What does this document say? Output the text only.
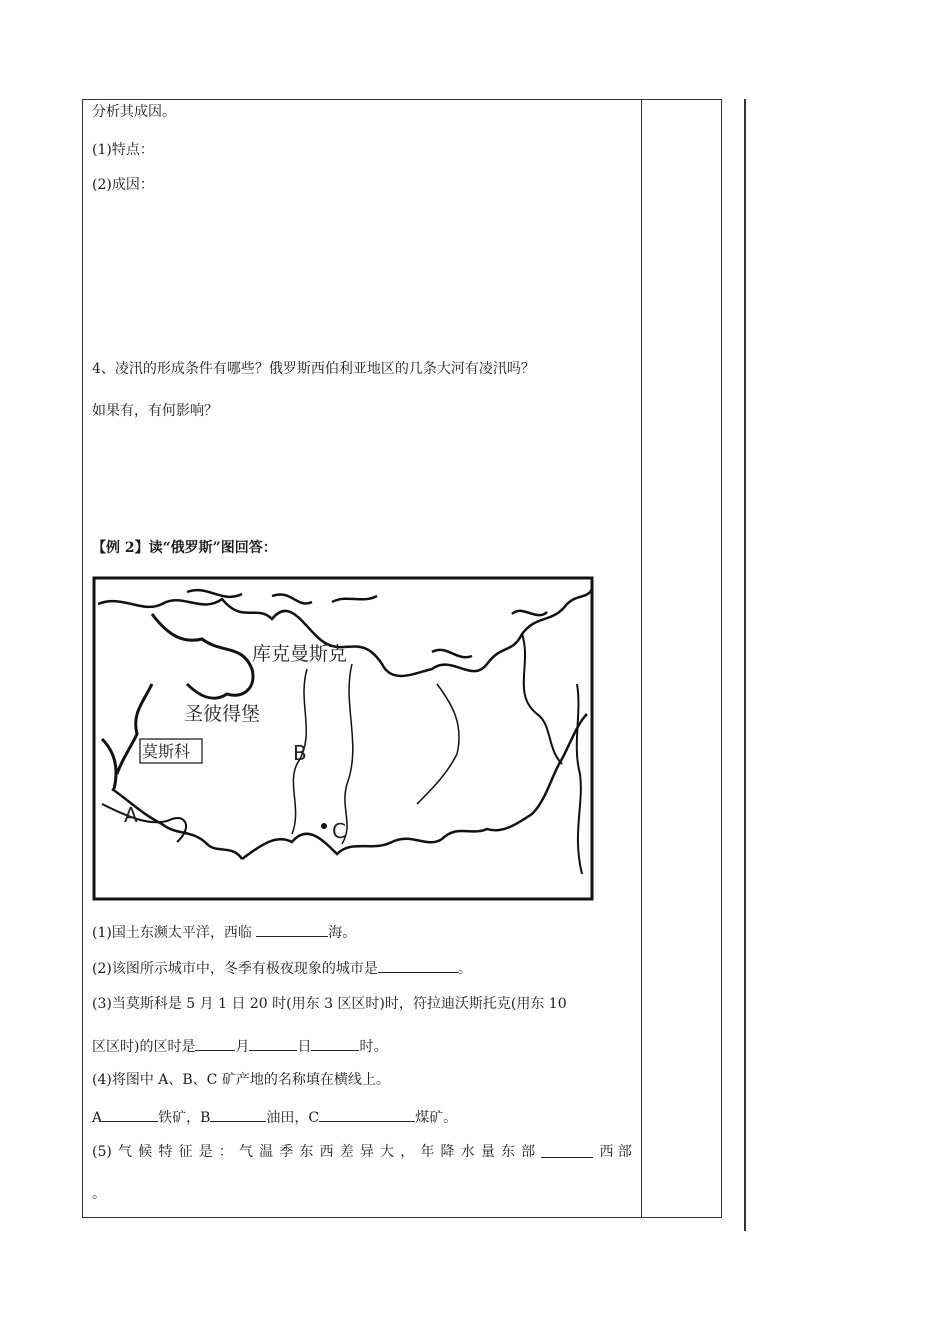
分析其成因。
(1)特点：
(2)成因：
4、凌汛的形成条件有哪些？俄罗斯西伯利亚地区的几条大河有凌汛吗？
如果有，有何影响？
【例 2】读“俄罗斯”图回答：
库克曼斯克
圣彼得堡
莫斯科
A
B
C
(1)国土东濒太平洋，西临	海。
(2)该图所示城市中，冬季有极夜现象的城市是	。
(3)当莫斯科是 5 月 1 日 20 时(用东 3 区区时)时，符拉迪沃斯托克(用东 10
区区时)的区时是	月	日	时。
(4)将图中 A、B、C 矿产地的名称填在横线上。
A	铁矿，B	油田，C	煤矿。
(5) 气 候 特 征 是 ： 气 温 季 东 西 差 异 大 ， 年 降 水 量 东 部	西 部
。
